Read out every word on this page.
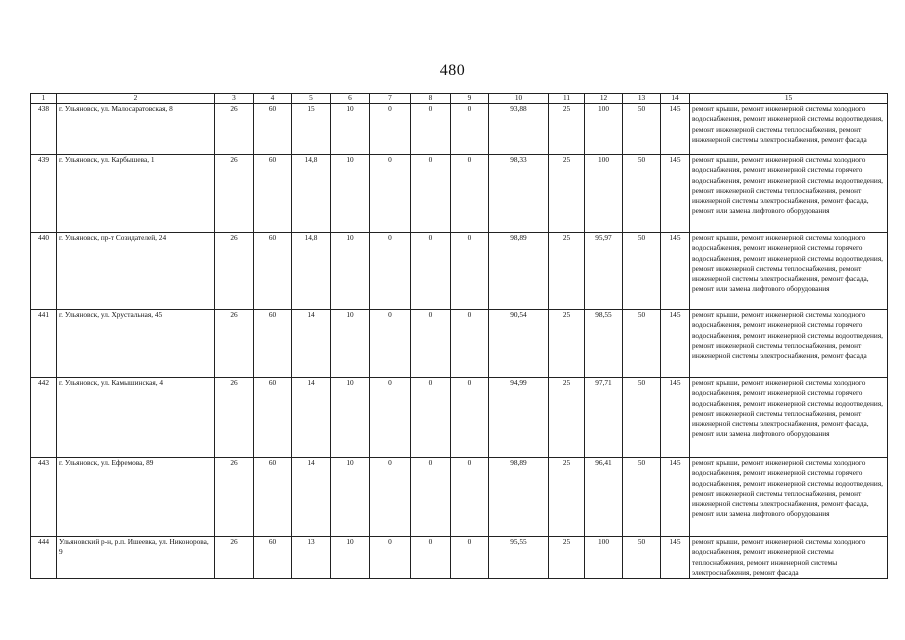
480
1	2	3	4	5	6	7	8	9	10	11	12	13	14	15
438	г. Ульяновск, ул. Малосаратовская, 8	26	60	15	10	0	0	0	93,88	25	100	50	145	ремонт крыши, ремонт инженерной системы холодного водоснабжения, ремонт инженерной системы водоотведения, ремонт инженерной системы теплоснабжения, ремонт инженерной системы электроснабжения, ремонт фасада
439	г. Ульяновск, ул. Карбышева, 1	26	60	14,8	10	0	0	0	98,33	25	100	50	145	ремонт крыши, ремонт инженерной системы холодного водоснабжения, ремонт инженерной системы горячего водоснабжения, ремонт инженерной системы водоотведения, ремонт инженерной системы теплоснабжения, ремонт инженерной системы электроснабжения, ремонт фасада, ремонт или замена лифтового оборудования
440	г. Ульяновск, пр-т Созидателей, 24	26	60	14,8	10	0	0	0	98,89	25	95,97	50	145	ремонт крыши, ремонт инженерной системы холодного водоснабжения, ремонт инженерной системы горячего водоснабжения, ремонт инженерной системы водоотведения, ремонт инженерной системы теплоснабжения, ремонт инженерной системы электроснабжения, ремонт фасада, ремонт или замена лифтового оборудования
441	г. Ульяновск, ул. Хрустальная, 45	26	60	14	10	0	0	0	90,54	25	98,55	50	145	ремонт крыши, ремонт инженерной системы холодного водоснабжения, ремонт инженерной системы горячего водоснабжения, ремонт инженерной системы водоотведения, ремонт инженерной системы теплоснабжения, ремонт инженерной системы электроснабжения, ремонт фасада
442	г. Ульяновск, ул. Камышинская, 4	26	60	14	10	0	0	0	94,99	25	97,71	50	145	ремонт крыши, ремонт инженерной системы холодного водоснабжения, ремонт инженерной системы горячего водоснабжения, ремонт инженерной системы водоотведения, ремонт инженерной системы теплоснабжения, ремонт инженерной системы электроснабжения, ремонт фасада, ремонт или замена лифтового оборудования
443	г. Ульяновск, ул. Ефремова, 89	26	60	14	10	0	0	0	98,89	25	96,41	50	145	ремонт крыши, ремонт инженерной системы холодного водоснабжения, ремонт инженерной системы горячего водоснабжения, ремонт инженерной системы водоотведения, ремонт инженерной системы теплоснабжения, ремонт инженерной системы электроснабжения, ремонт фасада, ремонт или замена лифтового оборудования
444	Ульяновский р-н, р.п. Ишеевка, ул. Никонорова, 9	26	60	13	10	0	0	0	95,55	25	100	50	145	ремонт крыши, ремонт инженерной системы холодного водоснабжения, ремонт инженерной системы теплоснабжения, ремонт инженерной системы электроснабжения, ремонт фасада
